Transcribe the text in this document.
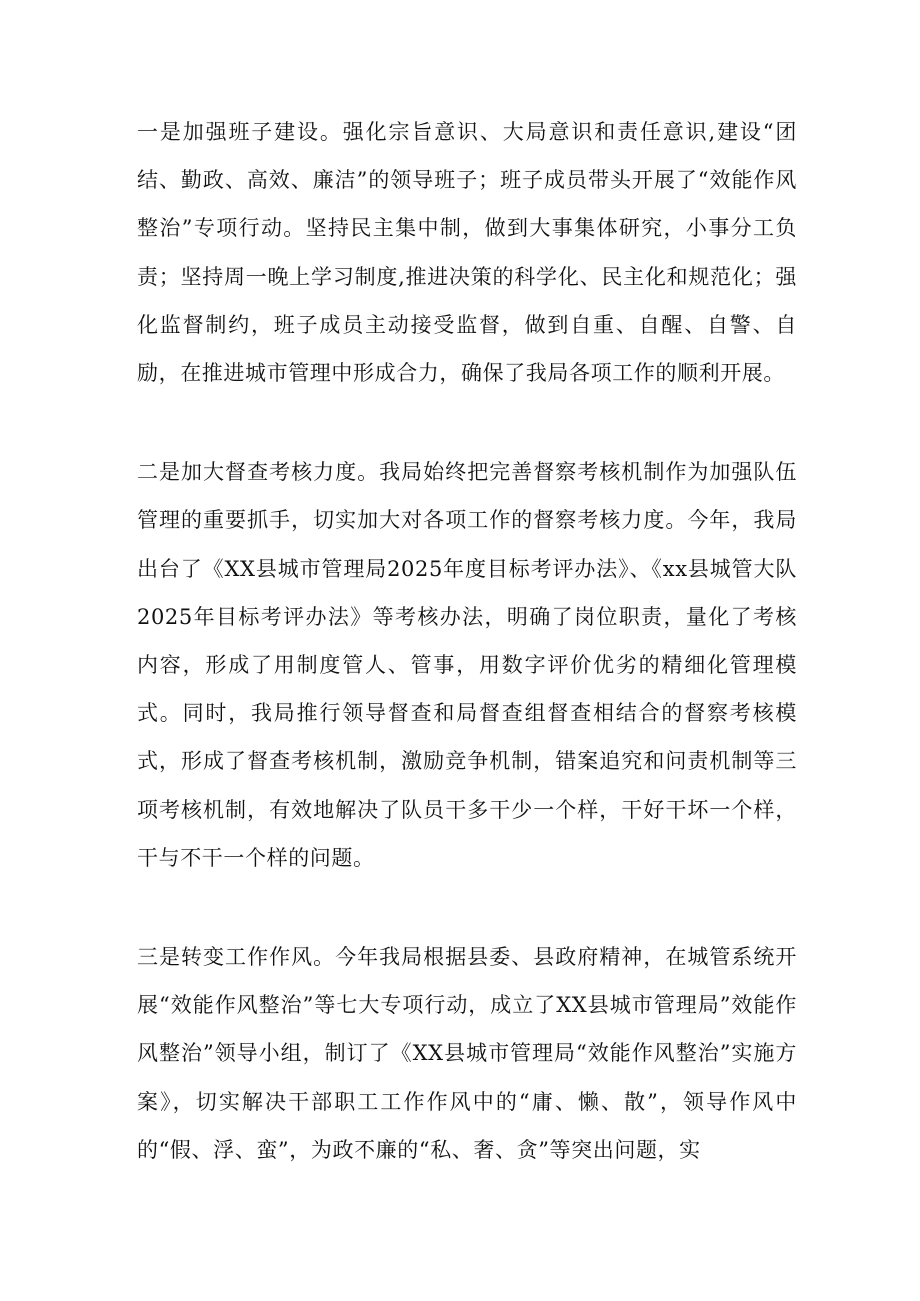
一是加强班子建设。强化宗旨意识、大局意识和责任意识,建设“团结、勤政、高效、廉洁”的领导班子；班子成员带头开展了“效能作风整治”专项行动。坚持民主集中制，做到大事集体研究，小事分工负责；坚持周一晚上学习制度,推进决策的科学化、民主化和规范化；强化监督制约，班子成员主动接受监督，做到自重、自醒、自警、自励，在推进城市管理中形成合力，确保了我局各项工作的顺利开展。

二是加大督查考核力度。我局始终把完善督察考核机制作为加强队伍管理的重要抓手，切实加大对各项工作的督察考核力度。今年，我局出台了《XX县城市管理局2025年度目标考评办法》、《xx县城管大队2025年目标考评办法》等考核办法，明确了岗位职责，量化了考核内容，形成了用制度管人、管事，用数字评价优劣的精细化管理模式。同时，我局推行领导督查和局督查组督查相结合的督察考核模式，形成了督查考核机制，激励竞争机制，错案追究和问责机制等三项考核机制，有效地解决了队员干多干少一个样，干好干坏一个样，干与不干一个样的问题。

三是转变工作作风。今年我局根据县委、县政府精神，在城管系统开展“效能作风整治”等七大专项行动，成立了XX县城市管理局”效能作风整治”领导小组，制订了《XX县城市管理局“效能作风整治”实施方案》，切实解决干部职工工作作风中的“庸、懒、散”，领导作风中的“假、浮、蛮”，为政不廉的“私、奢、贪”等突出问题，实
